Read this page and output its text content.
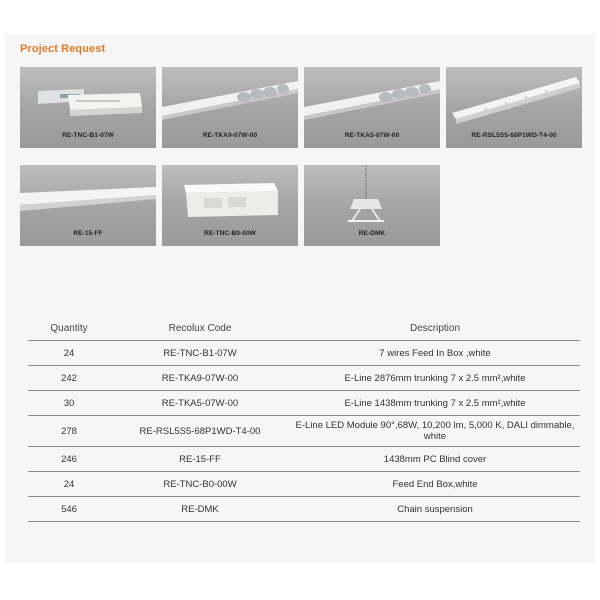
Project Request
RE-TNC-B1-07W	RE-TKA9-07W-00	RE-TKA5-07W-00	RE-RSL5S5-68P1WD-T4-00
RE-15-FF	RE-TNC-B0-00W	RE-DMK
Quantity	Recolux Code	Description
24	RE-TNC-B1-07W	7 wires Feed In Box ,white
242	RE-TKA9-07W-00	E-Line 2876mm trunking 7 x 2.5 mm²,white
30	RE-TKA5-07W-00	E-Line 1438mm trunking 7 x 2.5 mm²,white
278	RE-RSL5S5-68P1WD-T4-00	E-Line LED Module 90°,68W, 10,200 lm, 5,000 K, DALI dimmable, white
246	RE-15-FF	1438mm PC Blind cover
24	RE-TNC-B0-00W	Feed End Box,white
546	RE-DMK	Chain suspension
